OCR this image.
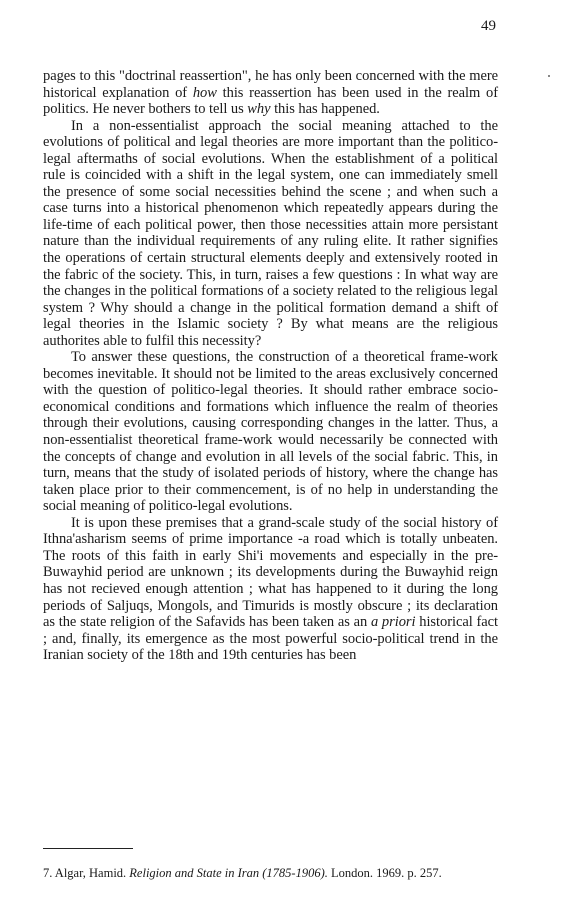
49

pages to this "doctrinal reassertion", he has only been concerned with the mere historical explanation of how this reassertion has been used in the realm of politics. He never bothers to tell us why this has happened.

In a non-essentialist approach the social meaning attached to the evolutions of political and legal theories are more important than the politico-legal aftermaths of social evolutions. When the establishment of a political rule is coincided with a shift in the legal system, one can immediately smell the presence of some social necessities behind the scene ; and when such a case turns into a historical phenomenon which repeatedly appears during the life-time of each political power, then those necessities attain more persistant nature than the individual requirements of any ruling elite. It rather signifies the operations of certain structural elements deeply and extensively rooted in the fabric of the society. This, in turn, raises a few questions : In what way are the changes in the political formations of a society related to the religious legal system ? Why should a change in the political formation demand a shift of legal theories in the Islamic society ? By what means are the religious authorites able to fulfil this necessity?

To answer these questions, the construction of a theoretical frame-work becomes inevitable. It should not be limited to the areas exclusively concerned with the question of politico-legal theories. It should rather embrace socio-economical conditions and formations which influence the realm of theories through their evolutions, causing corresponding changes in the latter. Thus, a non-essentialist theoretical frame-work would necessarily be connected with the concepts of change and evolution in all levels of the social fabric. This, in turn, means that the study of isolated periods of history, where the change has taken place prior to their commencement, is of no help in understanding the social meaning of politico-legal evolutions.

It is upon these premises that a grand-scale study of the social history of Ithna'asharism seems of prime importance -a road which is totally unbeaten. The roots of this faith in early Shi'i movements and especially in the pre-Buwayhid period are unknown ; its developments during the Buwayhid reign has not recieved enough attention ; what has happened to it during the long periods of Saljuqs, Mongols, and Timurids is mostly obscure ; its declaration as the state religion of the Safavids has been taken as an a priori historical fact ; and, finally, its emergence as the most powerful socio-political trend in the Iranian society of the 18th and 19th centuries has been

7. Algar, Hamid. Religion and State in Iran (1785-1906). London. 1969. p. 257.
